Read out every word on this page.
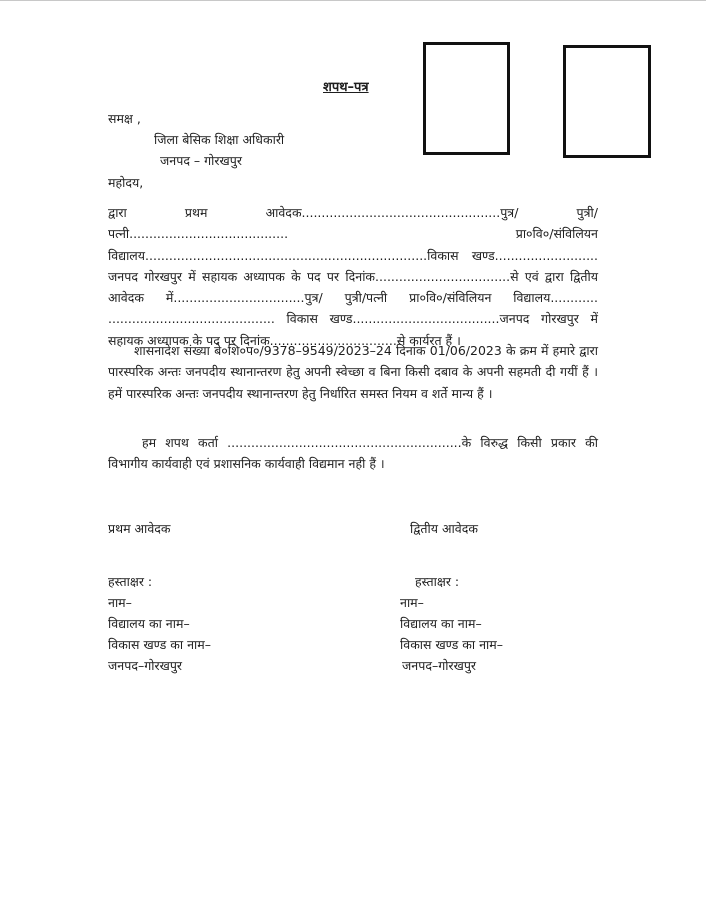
शपथ–पत्र
समक्ष ,
जिला बेसिक शिक्षा अधिकारी
जनपद – गोरखपुर
महोदय,
द्वारा प्रथम आवेदक..................................................पुत्र/ पुत्री/पत्नी........................................ प्रा०वि०/संविलियन विद्यालय.......................................................................विकास खण्ड.......................... जनपद गोरखपुर में सहायक अध्यापक के पद पर दिनांक..................................से एवं द्वारा द्वितीय आवेदक में.................................पुत्र/ पुत्री/पत्नी प्रा०वि०/संविलियन विद्यालय............ .......................................... विकास खण्ड.....................................जनपद गोरखपुर में सहायक अध्यापक के पद पर दिनांक................................से कार्यरत हैं ।
शासनादेश संख्या बे०शि०प०/9378–9549/2023–24 दिनांक 01/06/2023 के क्रम में हमारे द्वारा पारस्परिक अन्तः जनपदीय स्थानान्तरण हेतु अपनी स्वेच्छा व बिना किसी दबाव के अपनी सहमती दी गयीं हैं । हमें पारस्परिक अन्तः जनपदीय स्थानान्तरण हेतु निर्धारित समस्त नियम व शर्ते मान्य हैं ।
हम शपथ कर्ता ...........................................................के विरुद्ध किसी प्रकार की विभागीय कार्यवाही एवं प्रशासनिक कार्यवाही विद्यमान नही हैं ।
प्रथम आवेदक
हस्ताक्षर :
नाम–
विद्यालय का नाम–
विकास खण्ड का नाम–
जनपद–गोरखपुर
द्वितीय आवेदक
हस्ताक्षर :
नाम–
विद्यालय का नाम–
विकास खण्ड का नाम–
जनपद–गोरखपुर
